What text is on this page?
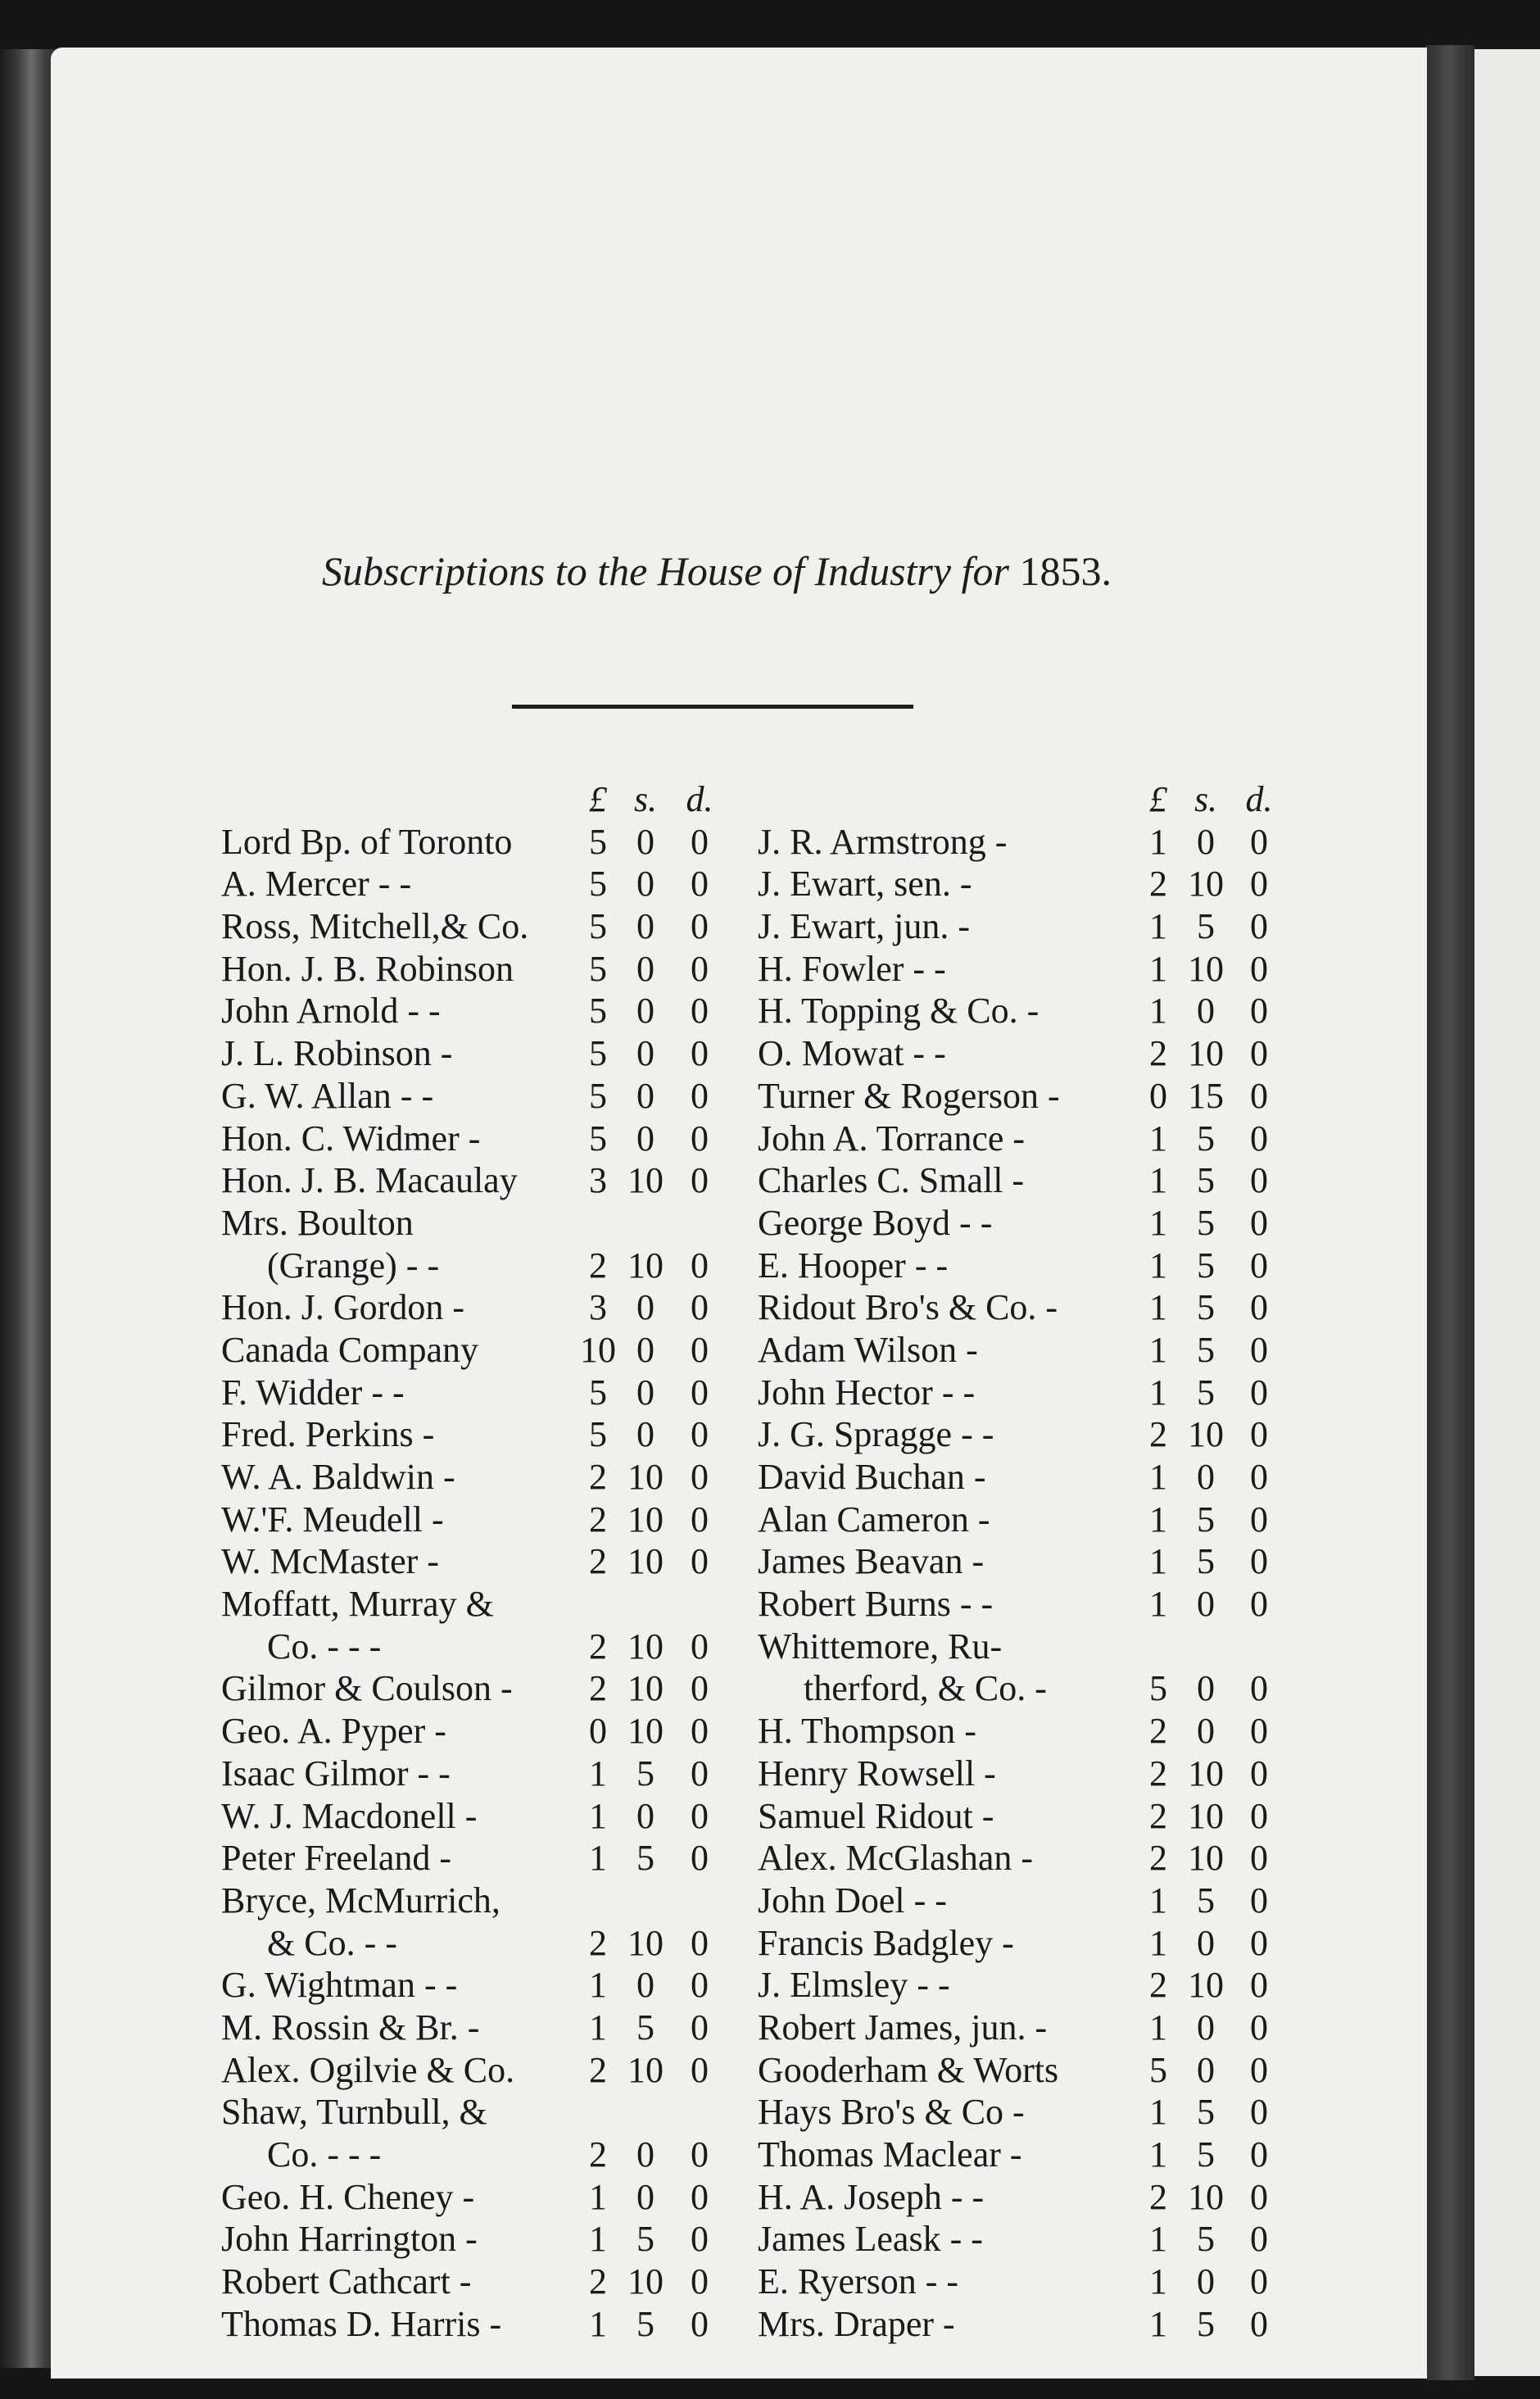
Subscriptions to the House of Industry for 1853.
£ s. d.
Lord Bp. of Toronto 5 0 0
A. Mercer - -	5 0 0
Ross, Mitchell,& Co. 5 0 0
Hon. J. B. Robinson 5 0 0
John Arnold - -	5 0 0
J. L. Robinson -	5 0 0
G. W. Allan - -	5 0 0
Hon. C. Widmer -	5 0 0
Hon. J. B. Macaulay 3 10 0
Mrs. Boulton
(Grange) - -	2 10 0
Hon. J. Gordon -	3 0 0
Canada Company	10 0 0
F. Widder - -	5 0 0
Fred. Perkins -	5 0 0
W. A. Baldwin -	2 10 0
W.'F. Meudell -	2 10 0
W. McMaster -	2 10 0
Moffatt, Murray &
Co. - - -	2 10 0
Gilmor & Coulson - 2 10 0
Geo. A. Pyper -	0 10 0
Isaac Gilmor - -	1 5 0
W. J. Macdonell -	1 0 0
Peter Freeland -	1 5 0
Bryce, McMurrich,
& Co. - -	2 10 0
G. Wightman - -	1 0 0
M. Rossin & Br. -	1 5 0
Alex. Ogilvie & Co. 2 10 0
Shaw, Turnbull, &
Co. - - -	2 0 0
Geo. H. Cheney -	1 0 0
John Harrington -	1 5 0
Robert Cathcart -	2 10 0
Thomas D. Harris - 1 5 0
£ s. d.
J. R. Armstrong -	1 0 0
J. Ewart, sen. -	2 10 0
J. Ewart, jun. -	1 5 0
H. Fowler - -	1 10 0
H. Topping & Co. -	1 0 0
O. Mowat - -	2 10 0
Turner & Rogerson - 0 15 0
John A. Torrance -	1 5 0
Charles C. Small -	1 5 0
George Boyd - -	1 5 0
E. Hooper - -	1 5 0
Ridout Bro's & Co. -	1 5 0
Adam Wilson -	1 5 0
John Hector - -	1 5 0
J. G. Spragge - -	2 10 0
David Buchan -	1 0 0
Alan Cameron -	1 5 0
James Beavan -	1 5 0
Robert Burns - -	1 0 0
Whittemore, Ru-
therford, & Co. -	5 0 0
H. Thompson -	2 0 0
Henry Rowsell -	2 10 0
Samuel Ridout -	2 10 0
Alex. McGlashan -	2 10 0
John Doel - -	1 5 0
Francis Badgley -	1 0 0
J. Elmsley - -	2 10 0
Robert James, jun. -	1 0 0
Gooderham & Worts	5 0 0
Hays Bro's & Co -	1 5 0
Thomas Maclear -	1 5 0
H. A. Joseph - -	2 10 0
James Leask - -	1 5 0
E. Ryerson - -	1 0 0
Mrs. Draper -	1 5 0
